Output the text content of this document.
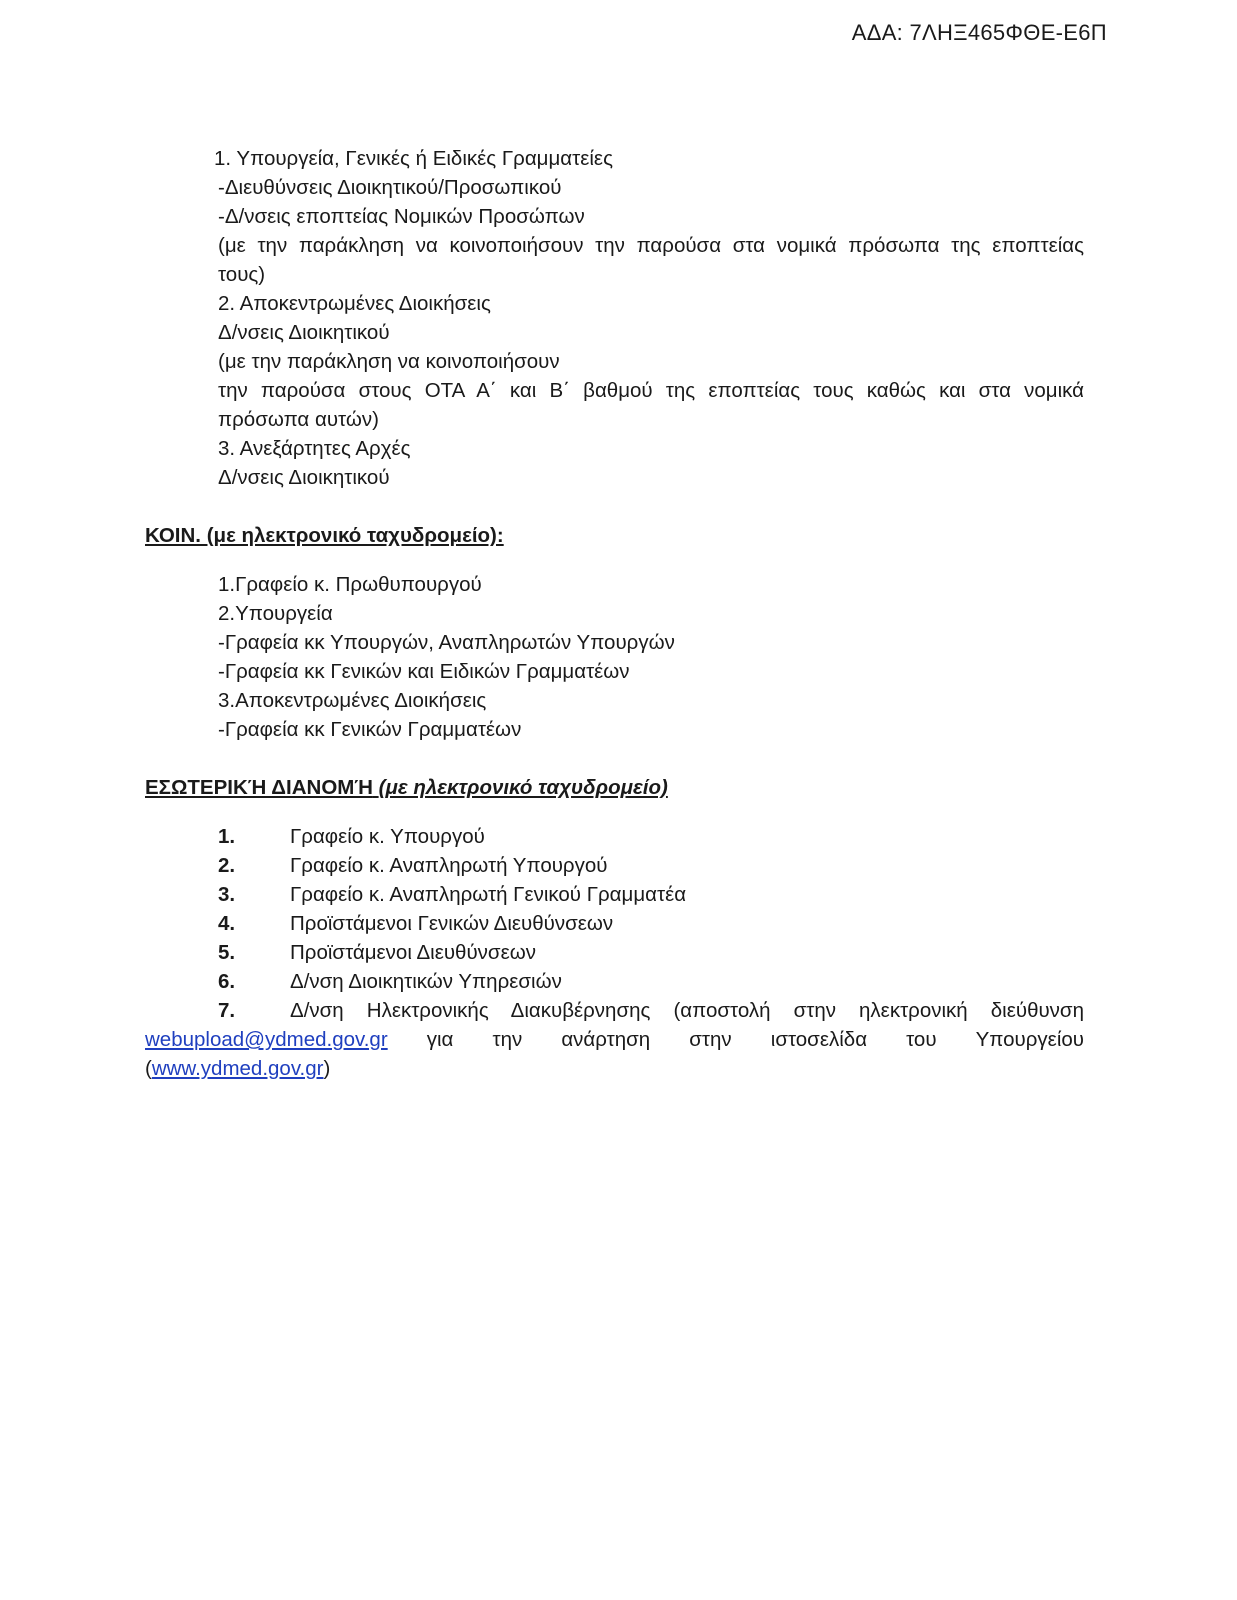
ΑΔΑ: 7ΛΗΞ465ΦΘΕ-Ε6Π
1. Υπουργεία, Γενικές ή Ειδικές Γραμματείες
-Διευθύνσεις Διοικητικού/Προσωπικού
-Δ/νσεις εποπτείας Νομικών Προσώπων
(με την παράκληση να κοινοποιήσουν την παρούσα στα νομικά πρόσωπα της εποπτείας
τους)
2. Αποκεντρωμένες Διοικήσεις
Δ/νσεις Διοικητικού
(με την παράκληση να κοινοποιήσουν
την παρούσα στους ΟΤΑ Α΄ και Β΄ βαθμού της εποπτείας τους καθώς και στα νομικά
πρόσωπα αυτών)
3. Ανεξάρτητες Αρχές
Δ/νσεις Διοικητικού
ΚΟΙΝ. (με ηλεκτρονικό ταχυδρομείο):
1.Γραφείο κ. Πρωθυπουργού
2.Υπουργεία
-Γραφεία κκ Υπουργών, Αναπληρωτών Υπουργών
-Γραφεία κκ Γενικών και Ειδικών Γραμματέων
3.Αποκεντρωμένες Διοικήσεις
-Γραφεία κκ Γενικών Γραμματέων
ΕΣΩΤΕΡΙΚΉ ΔΙΑΝΟΜΉ (με ηλεκτρονικό ταχυδρομείο)
1.	Γραφείο κ. Υπουργού
2.	Γραφείο κ. Αναπληρωτή Υπουργού
3.	Γραφείο κ. Αναπληρωτή Γενικού Γραμματέα
4.	Προϊστάμενοι Γενικών Διευθύνσεων
5.	Προϊστάμενοι Διευθύνσεων
6.	Δ/νση Διοικητικών Υπηρεσιών
7.	Δ/νση Ηλεκτρονικής Διακυβέρνησης (αποστολή στην ηλεκτρονική διεύθυνση
webupload@ydmed.gov.gr για την ανάρτηση στην ιστοσελίδα του Υπουργείου
(www.ydmed.gov.gr)
